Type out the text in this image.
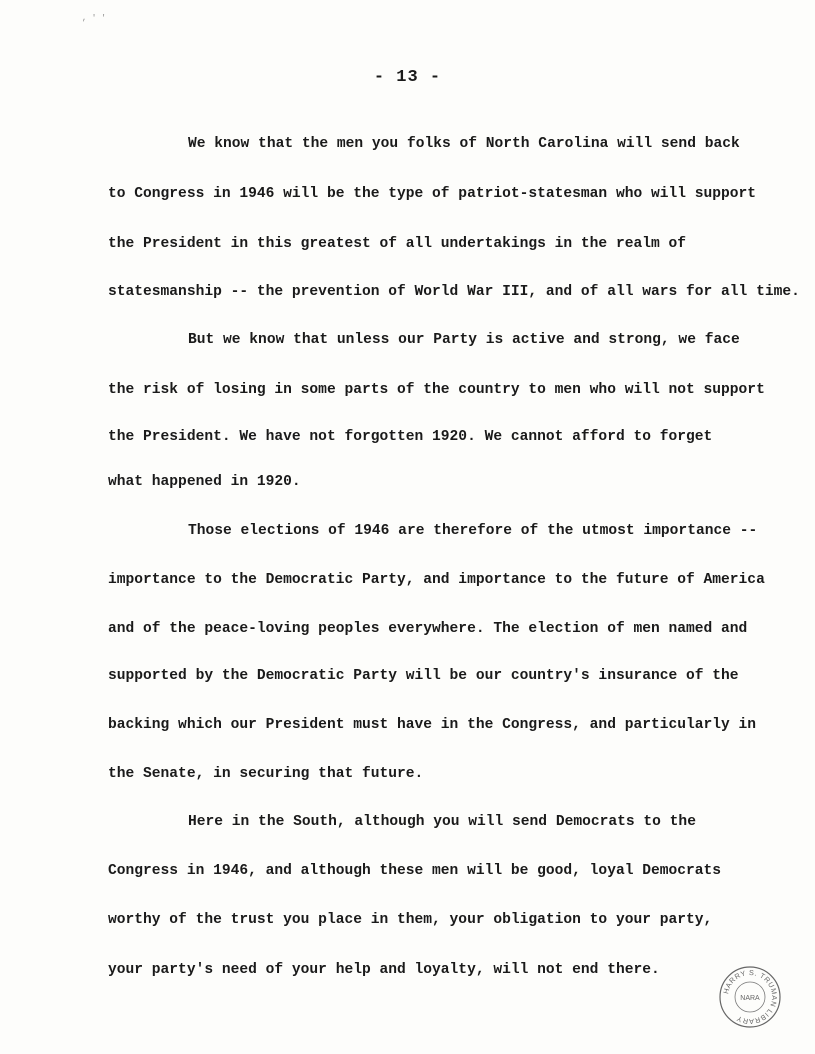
, ' '
- 13 -
We know that the men you folks of North Carolina will send back
to Congress in 1946 will be the type of patriot-statesman who will support
the President in this greatest of all undertakings in the realm of
statesmanship -- the prevention of World War III, and of all wars for all time.
But we know that unless our Party is active and strong, we face
the risk of losing in some parts of the country to men who will not support
the President. We have not forgotten 1920. We cannot afford to forget
what happened in 1920.
Those elections of 1946 are therefore of the utmost importance --
importance to the Democratic Party, and importance to the future of America
and of the peace-loving peoples everywhere. The election of men named and
supported by the Democratic Party will be our country's insurance of the
backing which our President must have in the Congress, and particularly in
the Senate, in securing that future.
Here in the South, although you will send Democrats to the
Congress in 1946, and although these men will be good, loyal Democrats
worthy of the trust you place in them, your obligation to your party,
your party's need of your help and loyalty, will not end there.
HARRY S. TRUMAN LIBRARY
NARA
